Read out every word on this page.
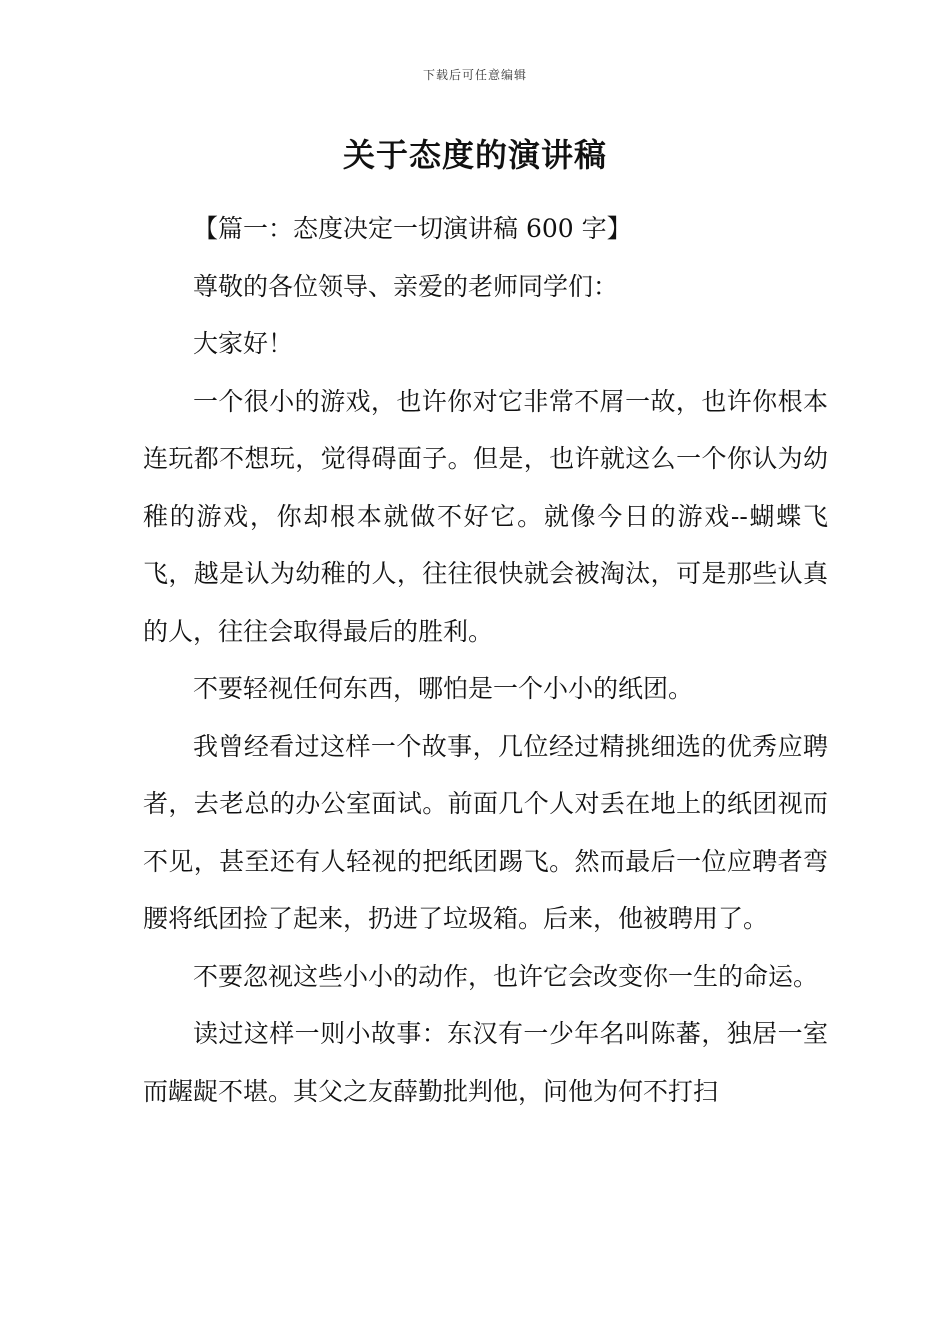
下载后可任意编辑
关于态度的演讲稿

【篇一：态度决定一切演讲稿 600 字】

尊敬的各位领导、亲爱的老师同学们：

大家好！

一个很小的游戏，也许你对它非常不屑一故，也许你根本连玩都不想玩，觉得碍面子。但是，也许就这么一个你认为幼稚的游戏，你却根本就做不好它。就像今日的游戏--蝴蝶飞飞，越是认为幼稚的人，往往很快就会被淘汰，可是那些认真的人，往往会取得最后的胜利。

不要轻视任何东西，哪怕是一个小小的纸团。

我曾经看过这样一个故事，几位经过精挑细选的优秀应聘者，去老总的办公室面试。前面几个人对丢在地上的纸团视而不见，甚至还有人轻视的把纸团踢飞。然而最后一位应聘者弯腰将纸团捡了起来，扔进了垃圾箱。后来，他被聘用了。

不要忽视这些小小的动作，也许它会改变你一生的命运。

读过这样一则小故事：东汉有一少年名叫陈蕃，独居一室而龌龊不堪。其父之友薛勤批判他，问他为何不打扫
